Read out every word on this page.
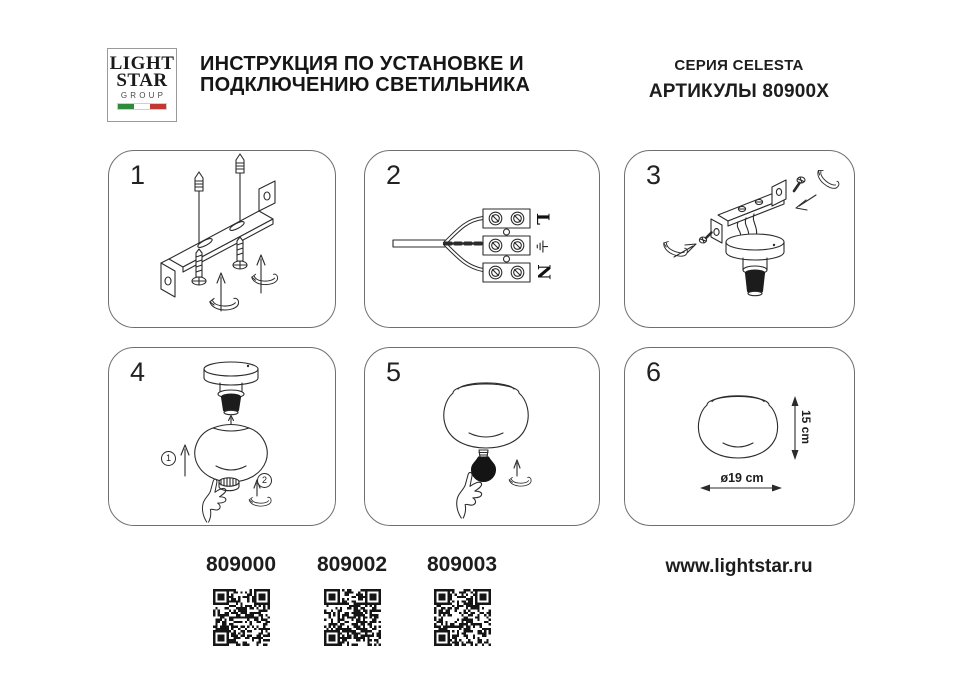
LIGHT
STAR
GROUP
ИНСТРУКЦИЯ ПО УСТАНОВКЕ И
ПОДКЛЮЧЕНИЮ СВЕТИЛЬНИКА
СЕРИЯ CELESTA
АРТИКУЛЫ 80900X
1
L
N
2	3
1
2
4	5
15 cm
ø19 cm
6
809000	809002	809003	www.lightstar.ru
